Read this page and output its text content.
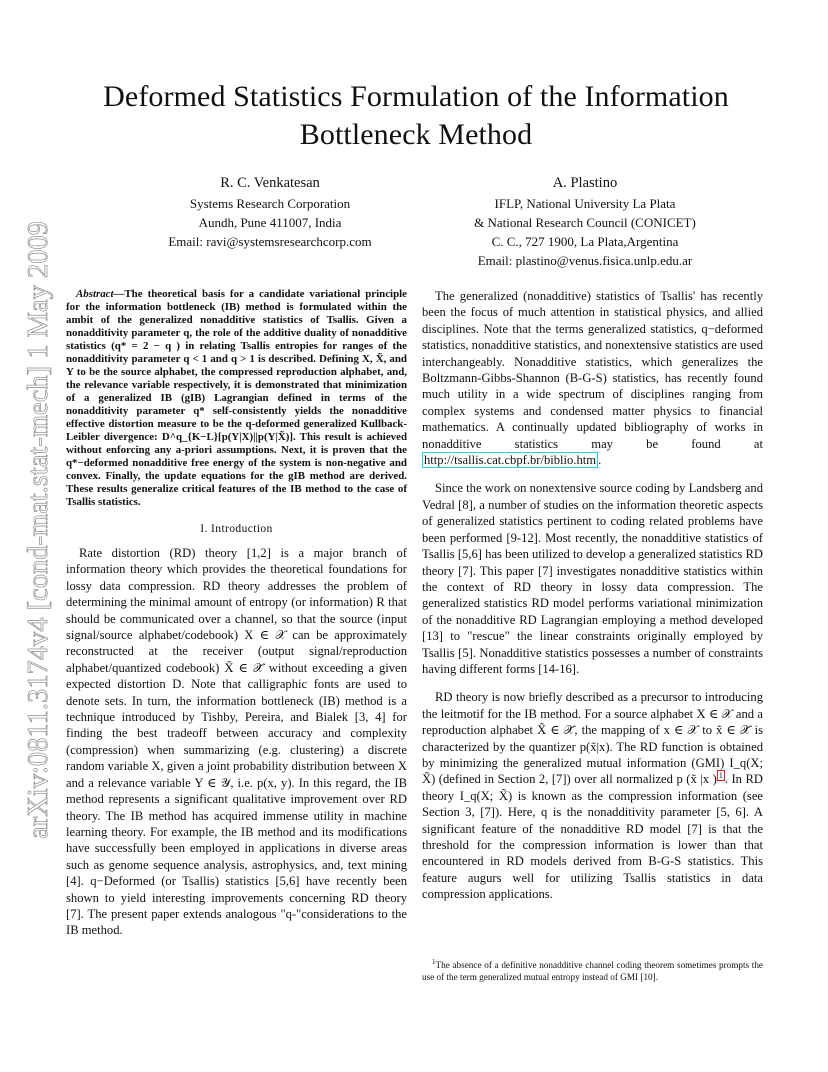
arXiv:0811.3174v4 [cond-mat.stat-mech] 1 May 2009
Deformed Statistics Formulation of the Information Bottleneck Method
R. C. Venkatesan
Systems Research Corporation
Aundh, Pune 411007, India
Email: ravi@systemsresearchcorp.com
A. Plastino
IFLP, National University La Plata
& National Research Council (CONICET)
C. C., 727 1900, La Plata,Argentina
Email: plastino@venus.fisica.unlp.edu.ar

Abstract—The theoretical basis for a candidate variational principle for the information bottleneck (IB) method is formulated within the ambit of the generalized nonadditive statistics of Tsallis. Given a nonadditivity parameter q, the role of the additive duality of nonadditive statistics (q* = 2 − q ) in relating Tsallis entropies for ranges of the nonadditivity parameter q < 1 and q > 1 is described. Defining X, X̃, and Y to be the source alphabet, the compressed reproduction alphabet, and, the relevance variable respectively, it is demonstrated that minimization of a generalized IB (gIB) Lagrangian defined in terms of the nonadditivity parameter q* self-consistently yields the nonadditive effective distortion measure to be the q-deformed generalized Kullback-Leibler divergence: D^q_{K−L}[p(Y|X)||p(Y|X̃)]. This result is achieved without enforcing any a-priori assumptions. Next, it is proven that the q*−deformed nonadditive free energy of the system is non-negative and convex. Finally, the update equations for the gIB method are derived. These results generalize critical features of the IB method to the case of Tsallis statistics.

I. Introduction

Rate distortion (RD) theory [1,2] is a major branch of information theory which provides the theoretical foundations for lossy data compression. RD theory addresses the problem of determining the minimal amount of entropy (or information) R that should be communicated over a channel, so that the source (input signal/source alphabet/codebook) X ∈ 𝒳 can be approximately reconstructed at the receiver (output signal/reproduction alphabet/quantized codebook) X̃ ∈ 𝒳̃ without exceeding a given expected distortion D. Note that calligraphic fonts are used to denote sets. In turn, the information bottleneck (IB) method is a technique introduced by Tishby, Pereira, and Bialek [3, 4] for finding the best tradeoff between accuracy and complexity (compression) when summarizing (e.g. clustering) a discrete random variable X, given a joint probability distribution between X and a relevance variable Y ∈ 𝒴, i.e. p(x, y). In this regard, the IB method represents a significant qualitative improvement over RD theory. The IB method has acquired immense utility in machine learning theory. For example, the IB method and its modifications have successfully been employed in applications in diverse areas such as genome sequence analysis, astrophysics, and, text mining [4]. q−Deformed (or Tsallis) statistics [5,6] have recently been shown to yield interesting improvements concerning RD theory [7]. The present paper extends analogous "q-"considerations to the IB method.

The generalized (nonadditive) statistics of Tsallis' has recently been the focus of much attention in statistical physics, and allied disciplines. Note that the terms generalized statistics, q−deformed statistics, nonadditive statistics, and nonextensive statistics are used interchangeably. Nonadditive statistics, which generalizes the Boltzmann-Gibbs-Shannon (B-G-S) statistics, has recently found much utility in a wide spectrum of disciplines ranging from complex systems and condensed matter physics to financial mathematics. A continually updated bibliography of works in nonadditive statistics may be found at http://tsallis.cat.cbpf.br/biblio.htm .

Since the work on nonextensive source coding by Landsberg and Vedral [8], a number of studies on the information theoretic aspects of generalized statistics pertinent to coding related problems have been performed [9-12]. Most recently, the nonadditive statistics of Tsallis [5,6] has been utilized to develop a generalized statistics RD theory [7]. This paper [7] investigates nonadditive statistics within the context of RD theory in lossy data compression. The generalized statistics RD model performs variational minimization of the nonadditive RD Lagrangian employing a method developed [13] to "rescue" the linear constraints originally employed by Tsallis [5]. Nonadditive statistics possesses a number of constraints having different forms [14-16].

RD theory is now briefly described as a precursor to introducing the leitmotif for the IB method. For a source alphabet X ∈ 𝒳 and a reproduction alphabet X̃ ∈ 𝒳̃, the mapping of x ∈ 𝒳 to x̃ ∈ 𝒳̃ is characterized by the quantizer p(x̃|x). The RD function is obtained by minimizing the generalized mutual information (GMI) I_q(X; X̃) (defined in Section 2, [7]) over all normalized p (x̃ |x ) $^1$ . In RD theory I_q(X; X̃) is known as the compression information (see Section 3, [7]). Here, q is the nonadditivity parameter [5, 6]. A significant feature of the nonadditive RD model [7] is that the threshold for the compression information is lower than that encountered in RD models derived from B-G-S statistics. This feature augurs well for utilizing Tsallis statistics in data compression applications.

$^1$The absence of a definitive nonadditive channel coding theorem sometimes prompts the use of the term generalized mutual entropy instead of GMI [10].
